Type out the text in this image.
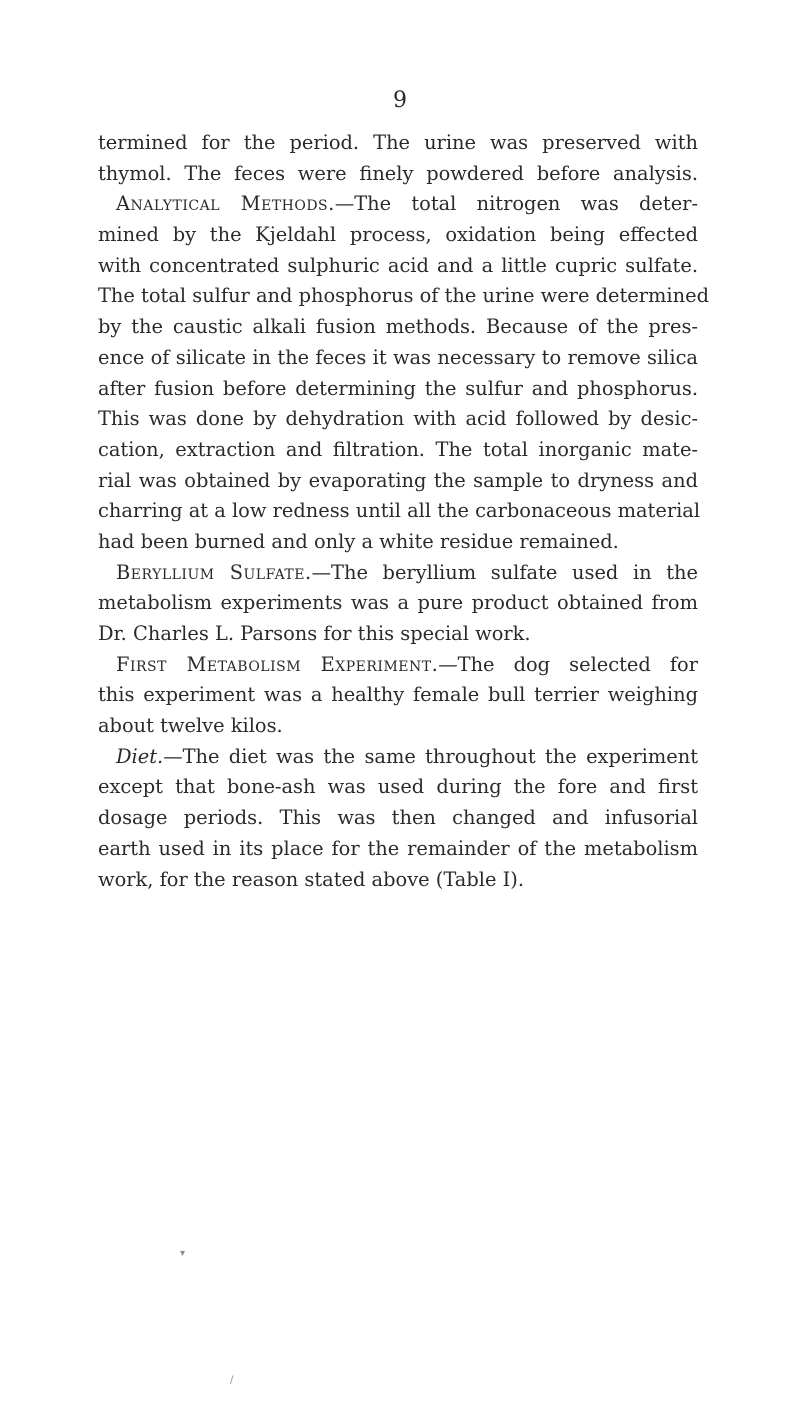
9
termined for the period. The urine was preserved with
thymol. The feces were finely powdered before analysis.
Analytical Methods.—The total nitrogen was deter-
mined by the Kjeldahl process, oxidation being effected
with concentrated sulphuric acid and a little cupric sulfate.
The total sulfur and phosphorus of the urine were determined
by the caustic alkali fusion methods. Because of the pres-
ence of silicate in the feces it was necessary to remove silica
after fusion before determining the sulfur and phosphorus.
This was done by dehydration with acid followed by desic-
cation, extraction and filtration. The total inorganic mate-
rial was obtained by evaporating the sample to dryness and
charring at a low redness until all the carbonaceous material
had been burned and only a white residue remained.
Beryllium Sulfate.—The beryllium sulfate used in the
metabolism experiments was a pure product obtained from
Dr. Charles L. Parsons for this special work.
First Metabolism Experiment.—The dog selected for
this experiment was a healthy female bull terrier weighing
about twelve kilos.
Diet.—The diet was the same throughout the experiment
except that bone-ash was used during the fore and first
dosage periods. This was then changed and infusorial
earth used in its place for the remainder of the metabolism
work, for the reason stated above (Table I).
▾
/
